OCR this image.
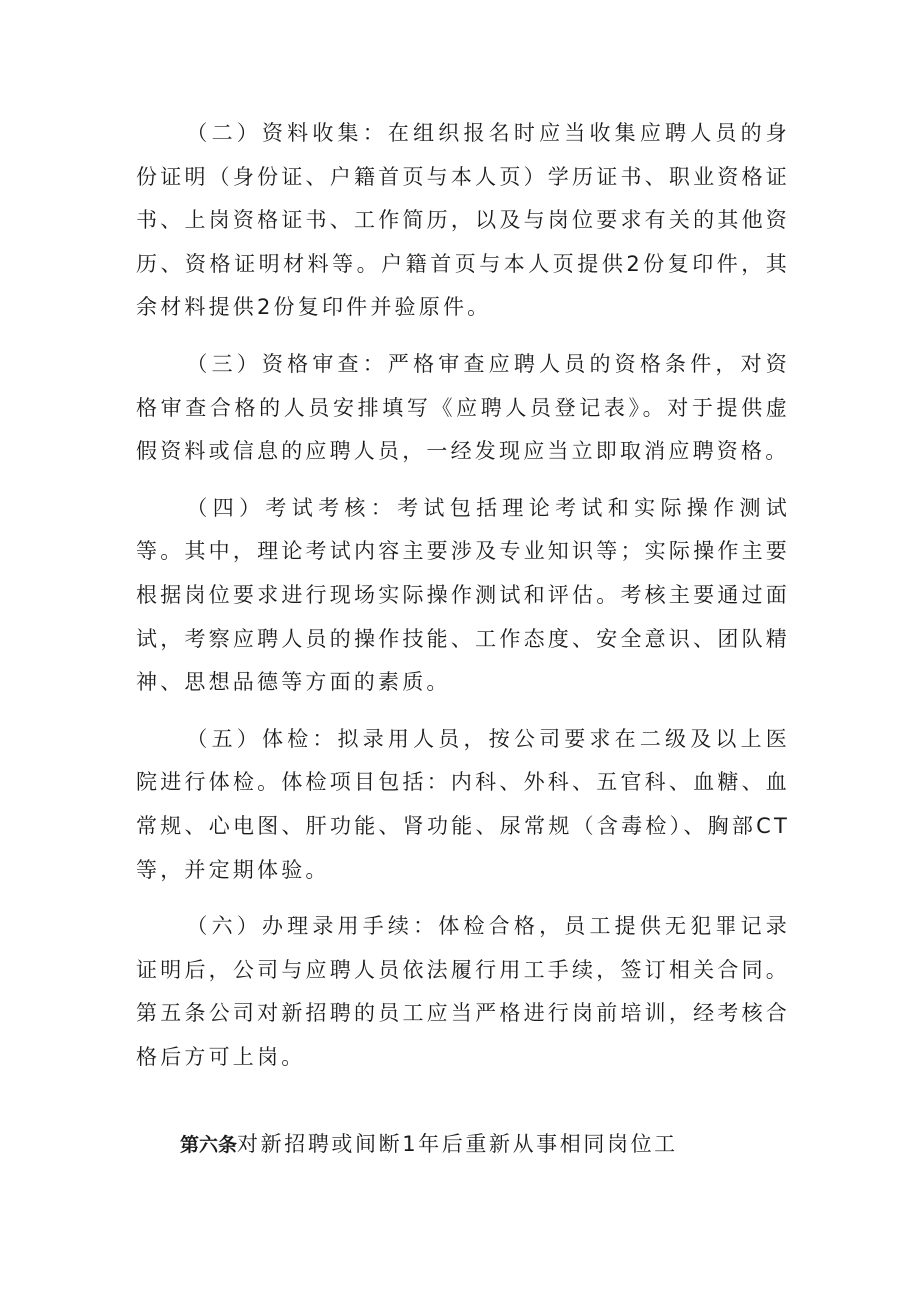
（二）资料收集：在组织报名时应当收集应聘人员的身份证明（身份证、户籍首页与本人页）学历证书、职业资格证书、上岗资格证书、工作简历，以及与岗位要求有关的其他资历、资格证明材料等。户籍首页与本人页提供2份复印件，其余材料提供2份复印件并验原件。

（三）资格审查：严格审查应聘人员的资格条件，对资格审查合格的人员安排填写《应聘人员登记表》。对于提供虚假资料或信息的应聘人员，一经发现应当立即取消应聘资格。

（四）考试考核：考试包括理论考试和实际操作测试等。其中，理论考试内容主要涉及专业知识等；实际操作主要根据岗位要求进行现场实际操作测试和评估。考核主要通过面试，考察应聘人员的操作技能、工作态度、安全意识、团队精神、思想品德等方面的素质。

（五）体检：拟录用人员，按公司要求在二级及以上医院进行体检。体检项目包括：内科、外科、五官科、血糖、血常规、心电图、肝功能、肾功能、尿常规（含毒检）、胸部CT等，并定期体验。

（六）办理录用手续：体检合格，员工提供无犯罪记录证明后，公司与应聘人员依法履行用工手续，签订相关合同。第五条公司对新招聘的员工应当严格进行岗前培训，经考核合格后方可上岗。

第六条对新招聘或间断1年后重新从事相同岗位工
